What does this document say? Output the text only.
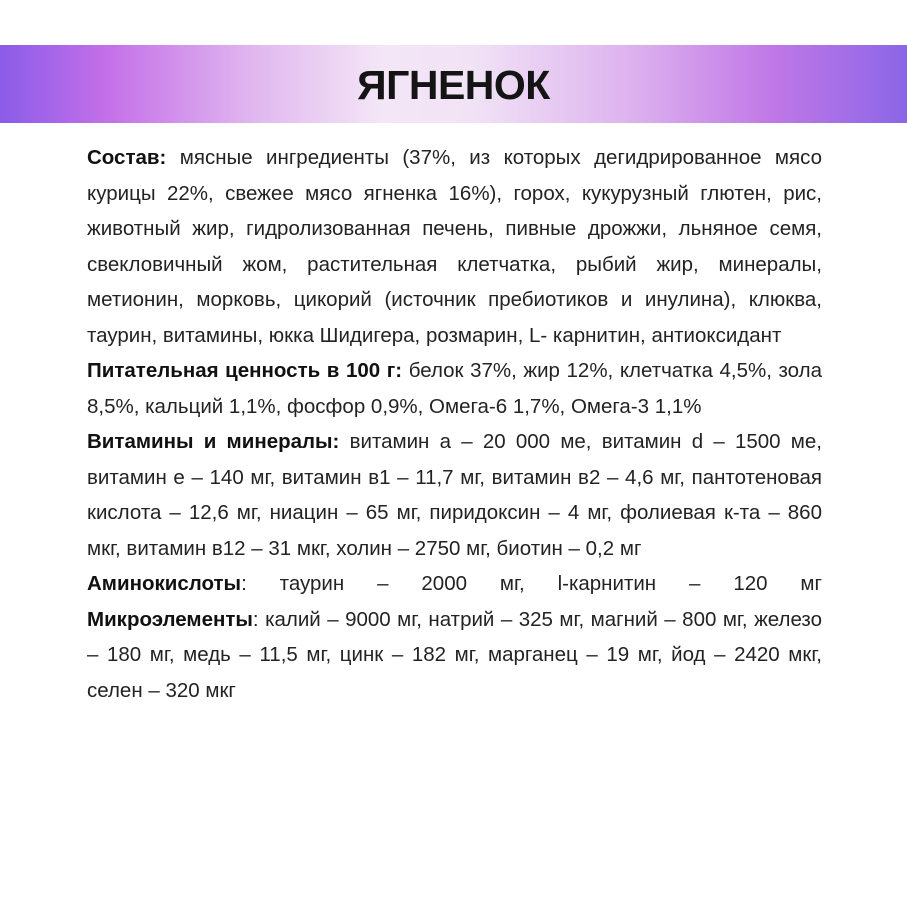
ЯГНЕНОК

Состав: мясные ингредиенты (37%, из которых дегидрированное мясо курицы 22%, свежее мясо ягненка 16%), горох, кукурузный глютен, рис, животный жир, гидролизованная печень, пивные дрожжи, льняное семя, свекловичный жом, растительная клетчатка, рыбий жир, минералы, метионин, морковь, цикорий (источник пребиотиков и инулина), клюква, таурин, витамины, юкка Шидигера, розмарин, L- карнитин, антиоксидант

Питательная ценность в 100 г: белок 37%, жир 12%, клетчатка 4,5%, зола 8,5%, кальций 1,1%, фосфор 0,9%, Омега-6 1,7%, Омега-3 1,1%

Витамины и минералы: витамин а – 20 000 ме, витамин d – 1500 ме, витамин е – 140 мг, витамин в1 – 11,7 мг, витамин в2 – 4,6 мг, пантотеновая кислота – 12,6 мг, ниацин – 65 мг, пиридоксин – 4 мг, фолиевая к-та – 860 мкг, витамин в12 – 31 мкг, холин – 2750 мг, биотин – 0,2 мг

Аминокислоты: таурин – 2000 мг, l-карнитин – 120 мг

Микроэлементы: калий – 9000 мг, натрий – 325 мг, магний – 800 мг, железо – 180 мг, медь – 11,5 мг, цинк – 182 мг, марганец – 19 мг, йод – 2420 мкг, селен – 320 мкг
